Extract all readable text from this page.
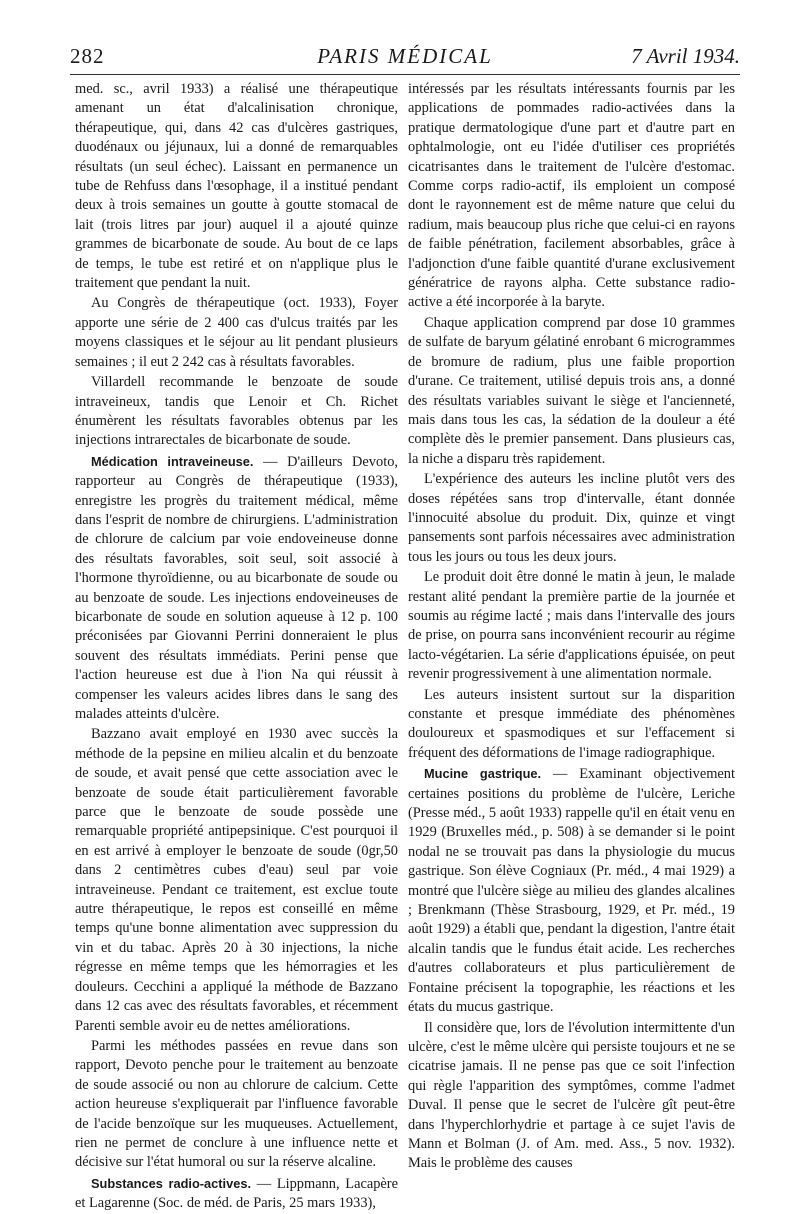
282	PARIS MÉDICAL	7 Avril 1934.

med. sc., avril 1933) a réalisé une thérapeutique amenant un état d'alcalinisation chronique, thérapeutique, qui, dans 42 cas d'ulcères gastriques, duodénaux ou jéjunaux, lui a donné de remarquables résultats (un seul échec). Laissant en permanence un tube de Rehfuss dans l'œsophage, il a institué pendant deux à trois semaines un goutte à goutte stomacal de lait (trois litres par jour) auquel il a ajouté quinze grammes de bicarbonate de soude. Au bout de ce laps de temps, le tube est retiré et on n'applique plus le traitement que pendant la nuit.

Au Congrès de thérapeutique (oct. 1933), Foyer apporte une série de 2 400 cas d'ulcus traités par les moyens classiques et le séjour au lit pendant plusieurs semaines ; il eut 2 242 cas à résultats favorables.

Villardell recommande le benzoate de soude intraveineux, tandis que Lenoir et Ch. Richet énumèrent les résultats favorables obtenus par les injections intrarectales de bicarbonate de soude.

Médication intraveineuse. — D'ailleurs Devoto, rapporteur au Congrès de thérapeutique (1933), enregistre les progrès du traitement médical, même dans l'esprit de nombre de chirurgiens. L'administration de chlorure de calcium par voie endoveineuse donne des résultats favorables, soit seul, soit associé à l'hormone thyroïdienne, ou au bicarbonate de soude ou au benzoate de soude. Les injections endoveineuses de bicarbonate de soude en solution aqueuse à 12 p. 100 préconisées par Giovanni Perrini donneraient le plus souvent des résultats immédiats. Perini pense que l'action heureuse est due à l'ion Na qui réussit à compenser les valeurs acides libres dans le sang des malades atteints d'ulcère.

Bazzano avait employé en 1930 avec succès la méthode de la pepsine en milieu alcalin et du benzoate de soude, et avait pensé que cette association avec le benzoate de soude était particulièrement favorable parce que le benzoate de soude possède une remarquable propriété antipepsinique. C'est pourquoi il en est arrivé à employer le benzoate de soude (0gr,50 dans 2 centimètres cubes d'eau) seul par voie intraveineuse. Pendant ce traitement, est exclue toute autre thérapeutique, le repos est conseillé en même temps qu'une bonne alimentation avec suppression du vin et du tabac. Après 20 à 30 injections, la niche régresse en même temps que les hémorragies et les douleurs. Cecchini a appliqué la méthode de Bazzano dans 12 cas avec des résultats favorables, et récemment Parenti semble avoir eu de nettes améliorations.

Parmi les méthodes passées en revue dans son rapport, Devoto penche pour le traitement au benzoate de soude associé ou non au chlorure de calcium. Cette action heureuse s'expliquerait par l'influence favorable de l'acide benzoïque sur les muqueuses. Actuellement, rien ne permet de conclure à une influence nette et décisive sur l'état humoral ou sur la réserve alcaline.

Substances radio-actives. — Lippmann, Lacapère et Lagarenne (Soc. de méd. de Paris, 25 mars 1933),

intéressés par les résultats intéressants fournis par les applications de pommades radio-activées dans la pratique dermatologique d'une part et d'autre part en ophtalmologie, ont eu l'idée d'utiliser ces propriétés cicatrisantes dans le traitement de l'ulcère d'estomac. Comme corps radio-actif, ils emploient un composé dont le rayonnement est de même nature que celui du radium, mais beaucoup plus riche que celui-ci en rayons de faible pénétration, facilement absorbables, grâce à l'adjonction d'une faible quantité d'urane exclusivement génératrice de rayons alpha. Cette substance radio-active a été incorporée à la baryte.

Chaque application comprend par dose 10 grammes de sulfate de baryum gélatiné enrobant 6 microgrammes de bromure de radium, plus une faible proportion d'urane. Ce traitement, utilisé depuis trois ans, a donné des résultats variables suivant le siège et l'ancienneté, mais dans tous les cas, la sédation de la douleur a été complète dès le premier pansement. Dans plusieurs cas, la niche a disparu très rapidement.

L'expérience des auteurs les incline plutôt vers des doses répétées sans trop d'intervalle, étant donnée l'innocuité absolue du produit. Dix, quinze et vingt pansements sont parfois nécessaires avec administration tous les jours ou tous les deux jours.

Le produit doit être donné le matin à jeun, le malade restant alité pendant la première partie de la journée et soumis au régime lacté ; mais dans l'intervalle des jours de prise, on pourra sans inconvénient recourir au régime lacto-végétarien. La série d'applications épuisée, on peut revenir progressivement à une alimentation normale.

Les auteurs insistent surtout sur la disparition constante et presque immédiate des phénomènes douloureux et spasmodiques et sur l'effacement si fréquent des déformations de l'image radiographique.

Mucine gastrique. — Examinant objectivement certaines positions du problème de l'ulcère, Leriche (Presse méd., 5 août 1933) rappelle qu'il en était venu en 1929 (Bruxelles méd., p. 508) à se demander si le point nodal ne se trouvait pas dans la physiologie du mucus gastrique. Son élève Cogniaux (Pr. méd., 4 mai 1929) a montré que l'ulcère siège au milieu des glandes alcalines ; Brenkmann (Thèse Strasbourg, 1929, et Pr. méd., 19 août 1929) a établi que, pendant la digestion, l'antre était alcalin tandis que le fundus était acide. Les recherches d'autres collaborateurs et plus particulièrement de Fontaine précisent la topographie, les réactions et les états du mucus gastrique.

Il considère que, lors de l'évolution intermittente d'un ulcère, c'est le même ulcère qui persiste toujours et ne se cicatrise jamais. Il ne pense pas que ce soit l'infection qui règle l'apparition des symptômes, comme l'admet Duval. Il pense que le secret de l'ulcère gît peut-être dans l'hyperchlorhydrie et partage à ce sujet l'avis de Mann et Bolman (J. of Am. med. Ass., 5 nov. 1932). Mais le problème des causes
